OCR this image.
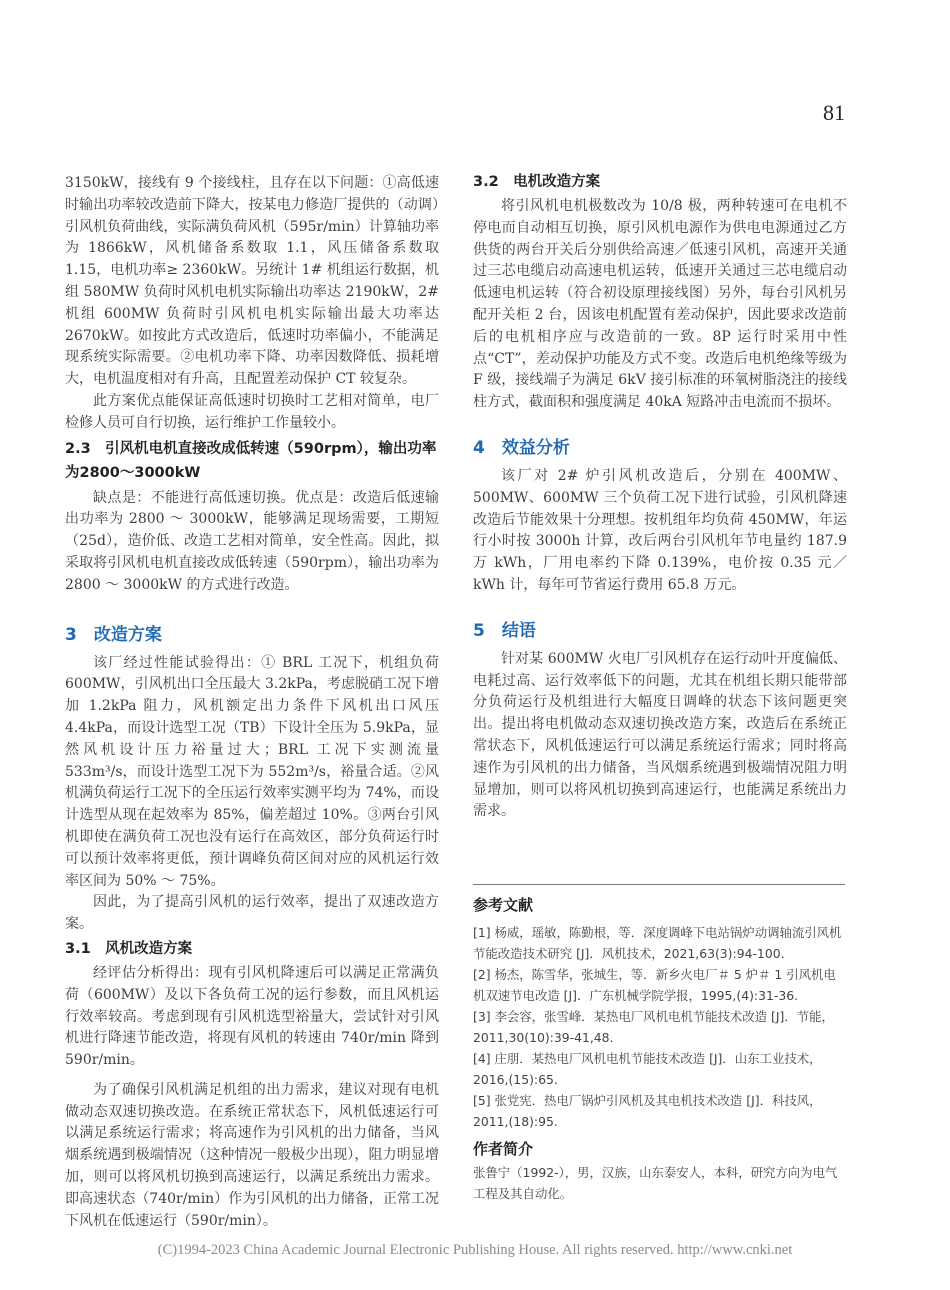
81

3150kW，接线有 9 个接线柱，且存在以下问题：①高低速时输出功率较改造前下降大，按某电力修造厂提供的（动调）引风机负荷曲线，实际满负荷风机（595r/min）计算轴功率为 1866kW，风机储备系数取 1.1，风压储备系数取 1.15，电机功率≥ 2360kW。另统计 1# 机组运行数据，机组 580MW 负荷时风机电机实际输出功率达 2190kW，2# 机组 600MW 负荷时引风机电机实际输出最大功率达 2670kW。如按此方式改造后，低速时功率偏小，不能满足现系统实际需要。②电机功率下降、功率因数降低、损耗增大，电机温度相对有升高，且配置差动保护 CT 较复杂。

此方案优点能保证高低速时切换时工艺相对简单，电厂检修人员可自行切换，运行维护工作量较小。

2.3　引风机电机直接改成低转速（590rpm），输出功率为2800～3000kW

缺点是：不能进行高低速切换。优点是：改造后低速输出功率为 2800 ～ 3000kW，能够满足现场需要，工期短（25d），造价低、改造工艺相对简单，安全性高。因此，拟采取将引风机电机直接改成低转速（590rpm），输出功率为 2800 ～ 3000kW 的方式进行改造。

3　改造方案

该厂经过性能试验得出：① BRL 工况下，机组负荷 600MW，引风机出口全压最大 3.2kPa，考虑脱硝工况下增加 1.2kPa 阻力，风机额定出力条件下风机出口风压 4.4kPa，而设计选型工况（TB）下设计全压为 5.9kPa，显然风机设计压力裕量过大；BRL 工况下实测流量 533m³/s，而设计选型工况下为 552m³/s，裕量合适。②风机满负荷运行工况下的全压运行效率实测平均为 74%，而设计选型从现在起效率为 85%，偏差超过 10%。③两台引风机即使在满负荷工况也没有运行在高效区，部分负荷运行时可以预计效率将更低，预计调峰负荷区间对应的风机运行效率区间为 50% ～ 75%。

因此，为了提高引风机的运行效率，提出了双速改造方案。

3.1　风机改造方案

经评估分析得出：现有引风机降速后可以满足正常满负荷（600MW）及以下各负荷工况的运行参数，而且风机运行效率较高。考虑到现有引风机选型裕量大，尝试针对引风机进行降速节能改造，将现有风机的转速由 740r/min 降到 590r/min。

为了确保引风机满足机组的出力需求，建议对现有电机做动态双速切换改造。在系统正常状态下，风机低速运行可以满足系统运行需求；将高速作为引风机的出力储备，当风烟系统遇到极端情况（这种情况一般极少出现），阻力明显增加，则可以将风机切换到高速运行，以满足系统出力需求。即高速状态（740r/min）作为引风机的出力储备，正常工况下风机在低速运行（590r/min）。

3.2　电机改造方案

将引风机电机极数改为 10/8 极，两种转速可在电机不停电而自动相互切换，原引风机电源作为供电电源通过乙方供货的两台开关后分别供给高速／低速引风机，高速开关通过三芯电缆启动高速电机运转，低速开关通过三芯电缆启动低速电机运转（符合初设原理接线图）另外，每台引风机另配开关柜 2 台，因该电机配置有差动保护，因此要求改造前后的电机相序应与改造前的一致。8P 运行时采用中性点“CT”，差动保护功能及方式不变。改造后电机绝缘等级为 F 级，接线端子为满足 6kV 接引标准的环氧树脂浇注的接线柱方式，截面积和强度满足 40kA 短路冲击电流而不损坏。

4　效益分析

该厂对 2# 炉引风机改造后，分别在 400MW、500MW、600MW 三个负荷工况下进行试验，引风机降速改造后节能效果十分理想。按机组年均负荷 450MW，年运行小时按 3000h 计算，改后两台引风机年节电量约 187.9 万 kWh，厂用电率约下降 0.139%，电价按 0.35 元／kWh 计，每年可节省运行费用 65.8 万元。

5　结语

针对某 600MW 火电厂引风机存在运行动叶开度偏低、电耗过高、运行效率低下的问题，尤其在机组长期只能带部分负荷运行及机组进行大幅度日调峰的状态下该问题更突出。提出将电机做动态双速切换改造方案，改造后在系统正常状态下，风机低速运行可以满足系统运行需求；同时将高速作为引风机的出力储备，当风烟系统遇到极端情况阻力明显增加，则可以将风机切换到高速运行，也能满足系统出力需求。

参考文献

[1] 杨威，瑶敏，陈勤根，等．深度调峰下电站锅炉动调轴流引风机节能改造技术研究 [J]．风机技术，2021,63(3):94-100.

[2] 杨杰，陈雪华，张城生，等．新乡火电厂＃ 5 炉＃ 1 引风机电机双速节电改造 [J]．广东机械学院学报，1995,(4):31-36.

[3] 李会容，张雪峰．某热电厂风机电机节能技术改造 [J]．节能，2011,30(10):39-41,48.

[4] 庄朋．某热电厂风机电机节能技术改造 [J]．山东工业技术，2016,(15):65.

[5] 张党宪．热电厂锅炉引风机及其电机技术改造 [J]．科技风，2011,(18):95.

作者简介

张鲁宁（1992-），男，汉族，山东泰安人，本科，研究方向为电气工程及其自动化。

(C)1994-2023 China Academic Journal Electronic Publishing House. All rights reserved. http://www.cnki.net
